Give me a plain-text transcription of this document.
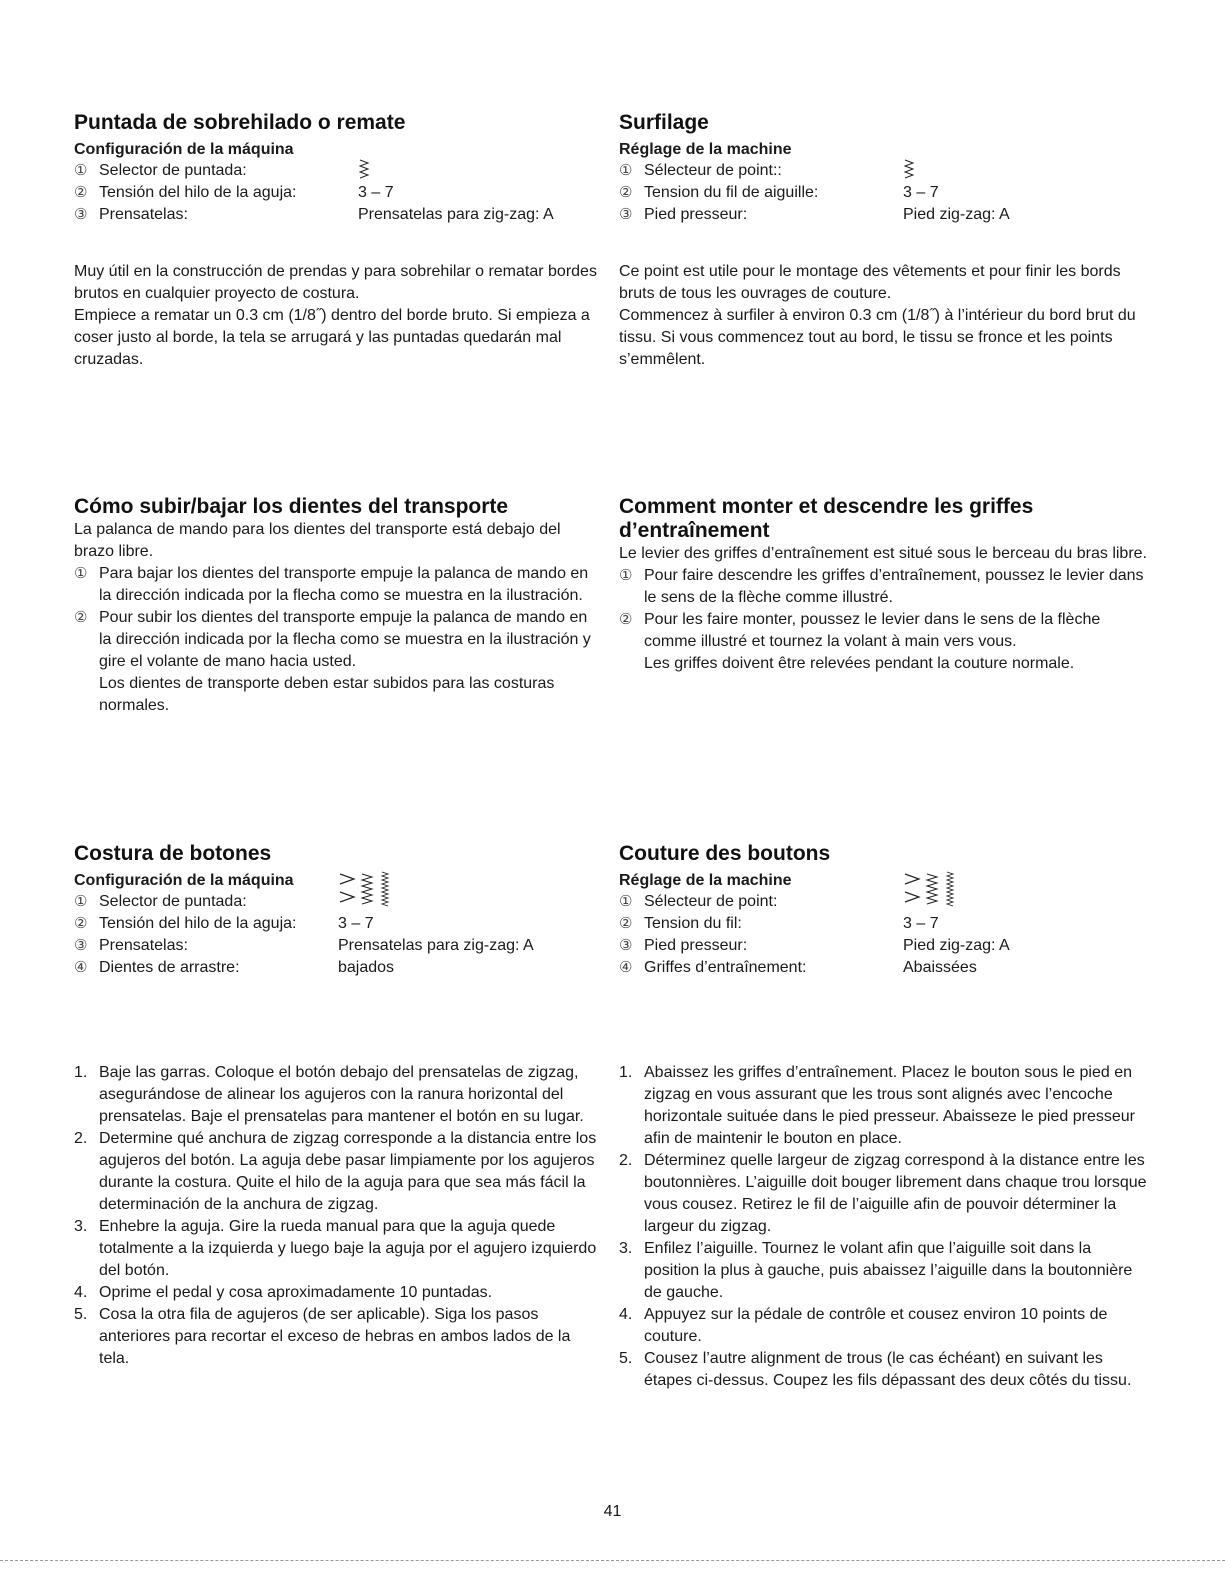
Puntada de sobrehilado o remate
Configuración de la máquina
① Selector de puntada:
② Tensión del hilo de la aguja:	3 – 7
③ Prensatelas:	Prensatelas para zig-zag: A

Muy útil en la construcción de prendas y para sobrehilar o rematar bordes brutos en cualquier proyecto de costura.

Empiece a rematar un 0.3 cm (1/8˝) dentro del borde bruto. Si empieza a coser justo al borde, la tela se arrugará y las puntadas quedarán mal cruzadas.

Surfilage
Réglage de la machine
① Sélecteur de point::
② Tension du fil de aiguille:	3 – 7
③ Pied presseur:	Pied zig-zag: A

Ce point est utile pour le montage des vêtements et pour finir les bords bruts de tous les ouvrages de couture.

Commencez à surfiler à environ 0.3 cm (1/8˝) à l’intérieur du bord brut du tissu. Si vous commencez tout au bord, le tissu se fronce et les points s’emmêlent.

Cómo subir/bajar los dientes del transporte

La palanca de mando para los dientes del transporte está debajo del brazo libre.

① Para bajar los dientes del transporte empuje la palanca de mando en la dirección indicada por la flecha como se muestra en la ilustración.
② Pour subir los dientes del transporte empuje la palanca de mando en la dirección indicada por la flecha como se muestra en la ilustración y gire el volante de mano hacia usted.
Los dientes de transporte deben estar subidos para las costuras normales.
Comment monter et descendre les griffes
d’entraînement

Le levier des griffes d’entraînement est situé sous le berceau du bras libre.

① Pour faire descendre les griffes d’entraînement, poussez le levier dans le sens de la flèche comme illustré.
② Pour les faire monter, poussez le levier dans le sens de la flèche comme illustré et tournez la volant à main vers vous.
Les griffes doivent être relevées pendant la couture normale.
Costura de botones
Configuración de la máquina
① Selector de puntada:
② Tensión del hilo de la aguja:	3 – 7
③ Prensatelas:	Prensatelas para zig-zag: A
④ Dientes de arrastre:	bajados
1. Baje las garras. Coloque el botón debajo del prensatelas de zigzag, asegurándose de alinear los agujeros con la ranura horizontal del prensatelas. Baje el prensatelas para mantener el botón en su lugar.
2. Determine qué anchura de zigzag corresponde a la distancia entre los agujeros del botón. La aguja debe pasar limpiamente por los agujeros durante la costura. Quite el hilo de la aguja para que sea más fácil la determinación de la anchura de zigzag.
3. Enhebre la aguja. Gire la rueda manual para que la aguja quede totalmente a la izquierda y luego baje la aguja por el agujero izquierdo del botón.
4. Oprime el pedal y cosa aproximadamente 10 puntadas.
5. Cosa la otra fila de agujeros (de ser aplicable). Siga los pasos anteriores para recortar el exceso de hebras en ambos lados de la tela.
Couture des boutons
Réglage de la machine
① Sélecteur de point:
② Tension du fil:	3 – 7
③ Pied presseur:	Pied zig-zag: A
④ Griffes d’entraînement:	Abaissées
1. Abaissez les griffes d’entraînement. Placez le bouton sous le pied en zigzag en vous assurant que les trous sont alignés avec l’encoche horizontale suituée dans le pied presseur. Abaisseze le pied presseur afin de maintenir le bouton en place.
2. Déterminez quelle largeur de zigzag correspond à la distance entre les boutonnières. L’aiguille doit bouger librement dans chaque trou lorsque vous cousez. Retirez le fil de l’aiguille afin de pouvoir déterminer la largeur du zigzag.
3. Enfilez l’aiguille. Tournez le volant afin que l’aiguille soit dans la position la plus à gauche, puis abaissez l’aiguille dans la boutonnière de gauche.
4. Appuyez sur la pédale de contrôle et cousez environ 10 points de couture.
5. Cousez l’autre alignment de trous (le cas échéant) en suivant les étapes ci-dessus. Coupez les fils dépassant des deux côtés du tissu.
41
